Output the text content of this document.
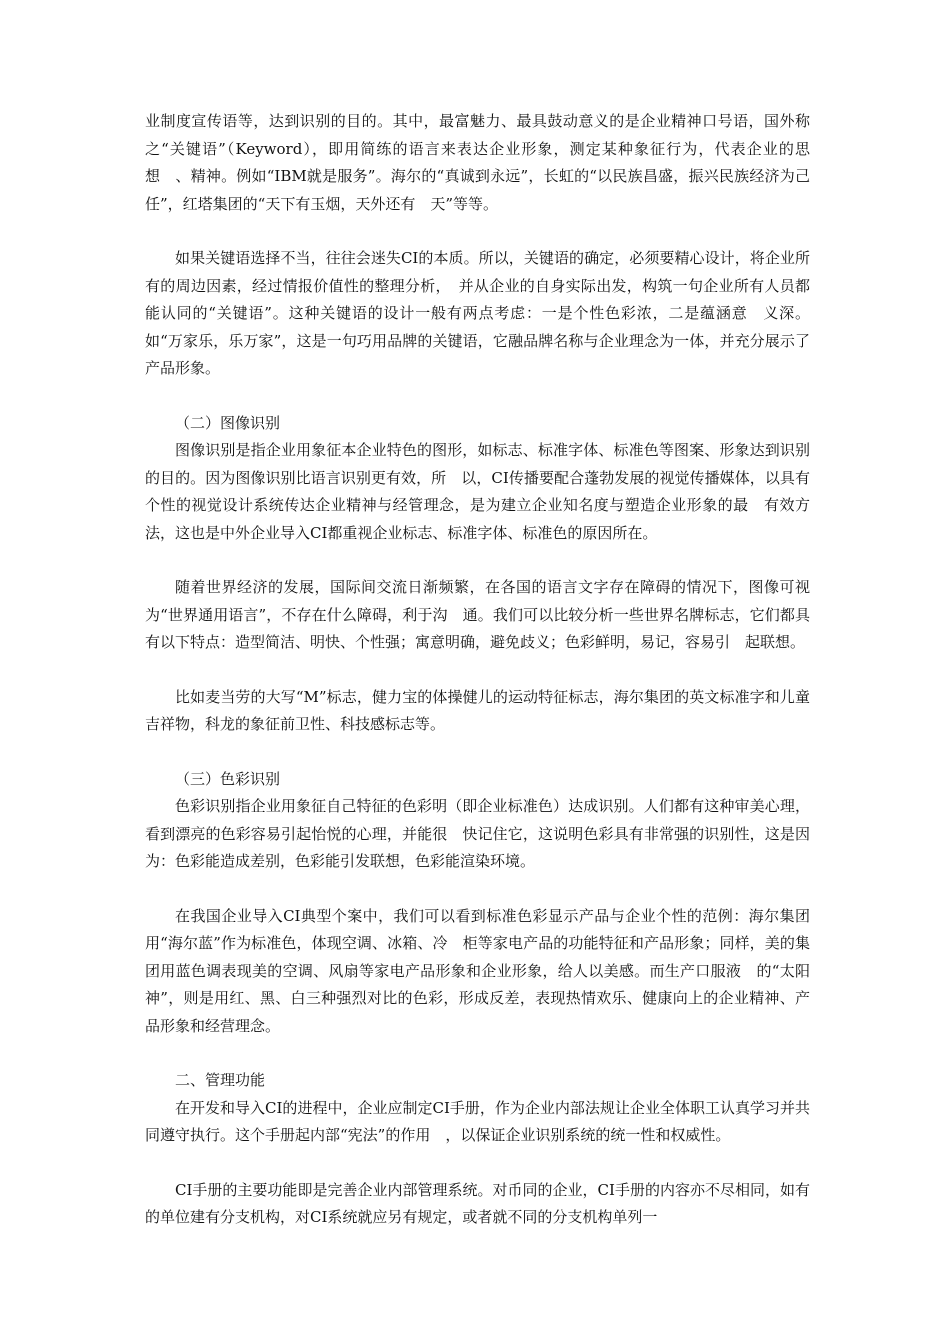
业制度宣传语等，达到识别的目的。其中，最富魅力、最具鼓动意义的是企业精神口号语，国外称之“关键语”（Keyword），即用简练的语言来表达企业形象，测定某种象征行为，代表企业的思想　、精神。例如“IBM就是服务”。海尔的“真诚到永远”，长虹的“以民族昌盛，振兴民族经济为己任”，红塔集团的“天下有玉烟，天外还有　天”等等。

如果关键语选择不当，往往会迷失CI的本质。所以，关键语的确定，必须要精心设计，将企业所有的周边因素，经过情报价值性的整理分析，　并从企业的自身实际出发，构筑一句企业所有人员都能认同的“关键语”。这种关键语的设计一般有两点考虑：一是个性色彩浓，二是蕴涵意　义深。如“万家乐，乐万家”，这是一句巧用品牌的关键语，它融品牌名称与企业理念为一体，并充分展示了产品形象。

（二）图像识别

图像识别是指企业用象征本企业特色的图形，如标志、标准字体、标准色等图案、形象达到识别的目的。因为图像识别比语言识别更有效，所　以，CI传播要配合蓬勃发展的视觉传播媒体，以具有个性的视觉设计系统传达企业精神与经管理念，是为建立企业知名度与塑造企业形象的最　有效方法，这也是中外企业导入CI都重视企业标志、标准字体、标准色的原因所在。

随着世界经济的发展，国际间交流日渐频繁，在各国的语言文字存在障碍的情况下，图像可视为“世界通用语言”，不存在什么障碍，利于沟　通。我们可以比较分析一些世界名牌标志，它们都具有以下特点：造型简洁、明快、个性强；寓意明确，避免歧义；色彩鲜明，易记，容易引　起联想。

比如麦当劳的大写“M”标志，健力宝的体操健儿的运动特征标志，海尔集团的英文标准字和儿童吉祥物，科龙的象征前卫性、科技感标志等。

（三）色彩识别

色彩识别指企业用象征自己特征的色彩明（即企业标准色）达成识别。人们都有这种审美心理，看到漂亮的色彩容易引起怡悦的心理，并能很　快记住它，这说明色彩具有非常强的识别性，这是因为：色彩能造成差别，色彩能引发联想，色彩能渲染环境。

在我国企业导入CI典型个案中，我们可以看到标准色彩显示产品与企业个性的范例：海尔集团用“海尔蓝”作为标准色，体现空调、冰箱、冷　柜等家电产品的功能特征和产品形象；同样，美的集团用蓝色调表现美的空调、风扇等家电产品形象和企业形象，给人以美感。而生产口服液　的“太阳神”，则是用红、黑、白三种强烈对比的色彩，形成反差，表现热情欢乐、健康向上的企业精神、产品形象和经营理念。

二、管理功能

在开发和导入CI的进程中，企业应制定CI手册，作为企业内部法规让企业全体职工认真学习并共同遵守执行。这个手册起内部“宪法”的作用　，以保证企业识别系统的统一性和权威性。

CI手册的主要功能即是完善企业内部管理系统。对币同的企业，CI手册的内容亦不尽相同，如有的单位建有分支机构，对CI系统就应另有规定，或者就不同的分支机构单列一
